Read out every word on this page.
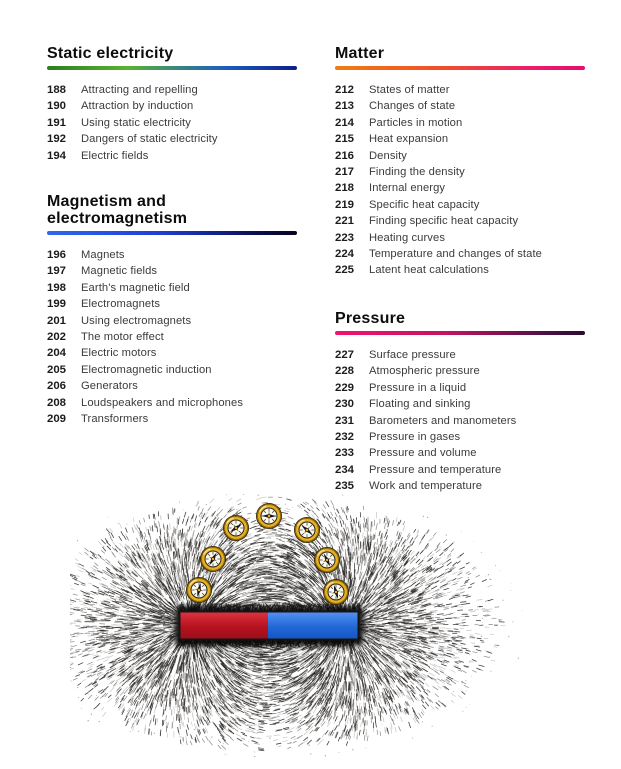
Static electricity
188	Attracting and repelling
190	Attraction by induction
191	Using static electricity
192	Dangers of static electricity
194	Electric fields
Magnetism and electromagnetism
196	Magnets
197	Magnetic fields
198	Earth's magnetic field
199	Electromagnets
201	Using electromagnets
202	The motor effect
204	Electric motors
205	Electromagnetic induction
206	Generators
208	Loudspeakers and microphones
209	Transformers
Matter
212	States of matter
213	Changes of state
214	Particles in motion
215	Heat expansion
216	Density
217	Finding the density
218	Internal energy
219	Specific heat capacity
221	Finding specific heat capacity
223	Heating curves
224	Temperature and changes of state
225	Latent heat calculations
Pressure
227	Surface pressure
228	Atmospheric pressure
229	Pressure in a liquid
230	Floating and sinking
231	Barometers and manometers
232	Pressure in gases
233	Pressure and volume
234	Pressure and temperature
235	Work and temperature
